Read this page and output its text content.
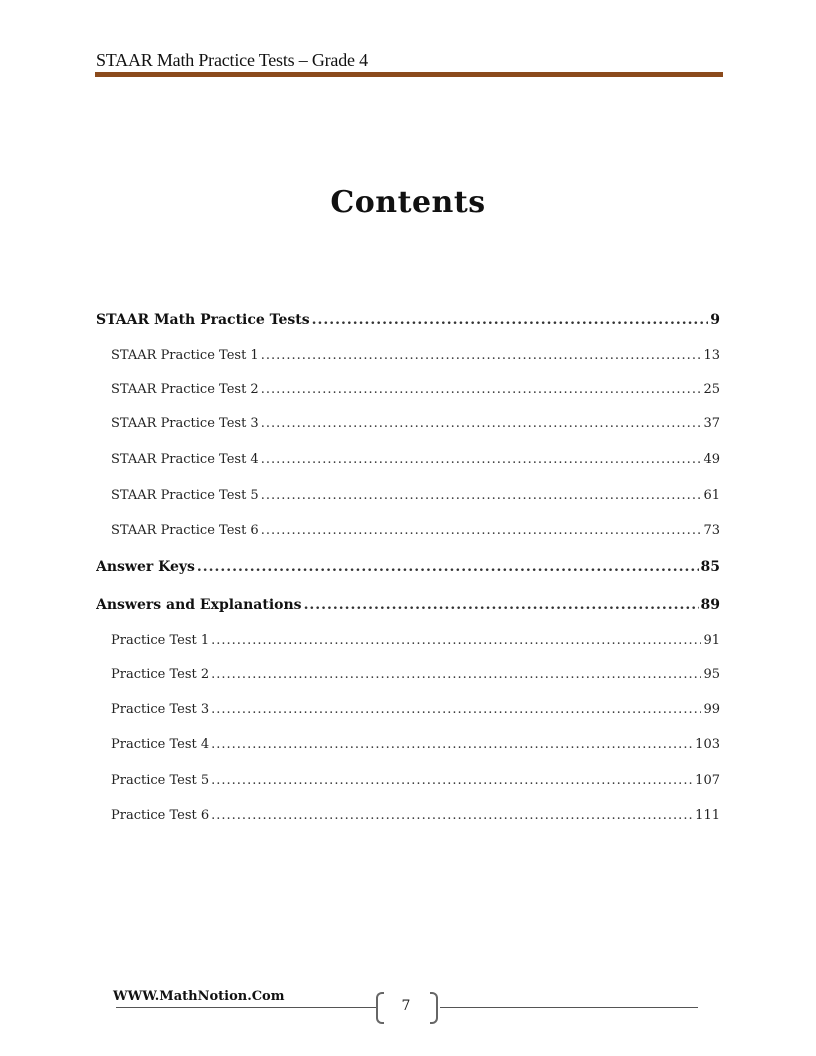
STAAR Math Practice Tests – Grade 4
Contents
STAAR Math Practice Tests .....	9
STAAR Practice Test 1 .....	13
STAAR Practice Test 2 .....	25
STAAR Practice Test 3 .....	37
STAAR Practice Test 4 .....	49
STAAR Practice Test 5 .....	61
STAAR Practice Test 6 .....	73
Answer Keys .....	85
Answers and Explanations .....	89
Practice Test 1 .....	91
Practice Test 2 .....	95
Practice Test 3 .....	99
Practice Test 4 .....	103
Practice Test 5 .....	107
Practice Test 6 .....	111
WWW.MathNotion.Com
7
